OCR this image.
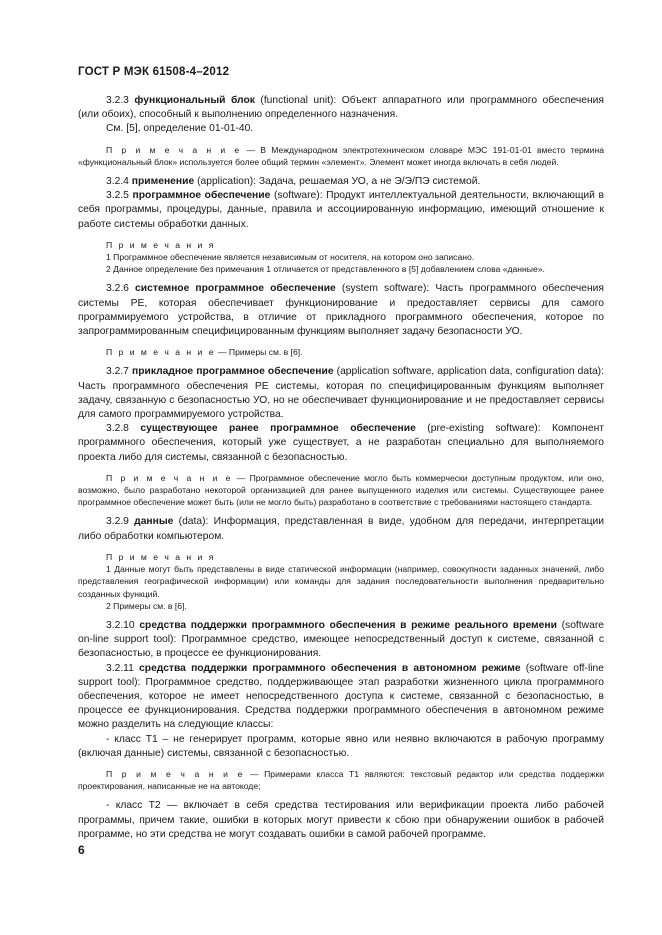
ГОСТ Р МЭК 61508-4–2012

3.2.3 функциональный блок (functional unit): Объект аппаратного или программного обеспечения (или обоих), способный к выполнению определенного назначения.

См. [5], определение 01-01-40.

П р и м е ч а н и е — В Международном электротехническом словаре МЭС 191-01-01 вместо термина «функциональный блок» используется более общий термин «элемент». Элемент может иногда включать в себя людей.

3.2.4 применение (application): Задача, решаемая УО, а не Э/Э/ПЭ системой.

3.2.5 программное обеспечение (software): Продукт интеллектуальной деятельности, включающий в себя программы, процедуры, данные, правила и ассоциированную информацию, имеющий отношение к работе системы обработки данных.

П р и м е ч а н и я

1 Программное обеспечение является независимым от носителя, на котором оно записано.

2 Данное определение без примечания 1 отличается от представленного в [5] добавлением слова «данные».

3.2.6 системное программное обеспечение (system software): Часть программного обеспечения системы PE, которая обеспечивает функционирование и предоставляет сервисы для самого программируемого устройства, в отличие от прикладного программного обеспечения, которое по запрограммированным специфицированным функциям выполняет задачу безопасности УО.

П р и м е ч а н и е — Примеры см. в [6].

3.2.7 прикладное программное обеспечение (application software, application data, configuration data): Часть программного обеспечения PE системы, которая по специфицированным функциям выполняет задачу, связанную с безопасностью УО, но не обеспечивает функционирование и не предоставляет сервисы для самого программируемого устройства.

3.2.8 существующее ранее программное обеспечение (pre-existing software): Компонент программного обеспечения, который уже существует, а не разработан специально для выполняемого проекта либо для системы, связанной с безопасностью.

П р и м е ч а н и е — Программное обеспечение могло быть коммерчески доступным продуктом, или оно, возможно, было разработано некоторой организацией для ранее выпущенного изделия или системы. Существующее ранее программное обеспечение может быть (или не могло быть) разработано в соответствие с требованиями настоящего стандарта.

3.2.9 данные (data): Информация, представленная в виде, удобном для передачи, интерпретации либо обработки компьютером.

П р и м е ч а н и я

1 Данные могут быть представлены в виде статической информации (например, совокупности заданных значений, либо представления географической информации) или команды для задания последовательности выполнения предварительно созданных функций.

2 Примеры см. в [6].

3.2.10 средства поддержки программного обеспечения в режиме реального времени (software on-line support tool): Программное средство, имеющее непосредственный доступ к системе, связанной с безопасностью, в процессе ее функционирования.

3.2.11 средства поддержки программного обеспечения в автономном режиме (software off-line support tool): Программное средство, поддерживающее этап разработки жизненного цикла программного обеспечения, которое не имеет непосредственного доступа к системе, связанной с безопасностью, в процессе ее функционирования. Средства поддержки программного обеспечения в автономном режиме можно разделить на следующие классы:

- класс Т1 – не генерирует программ, которые явно или неявно включаются в рабочую программу (включая данные) системы, связанной с безопасностью.

П р и м е ч а н и е — Примерами класса Т1 являются: текстовый редактор или средства поддержки проектирования, написанные не на автокоде;

- класс Т2 — включает в себя средства тестирования или верификации проекта либо рабочей программы, причем такие, ошибки в которых могут привести к сбою при обнаружении ошибок в рабочей программе, но эти средства не могут создавать ошибки в самой рабочей программе.

6
